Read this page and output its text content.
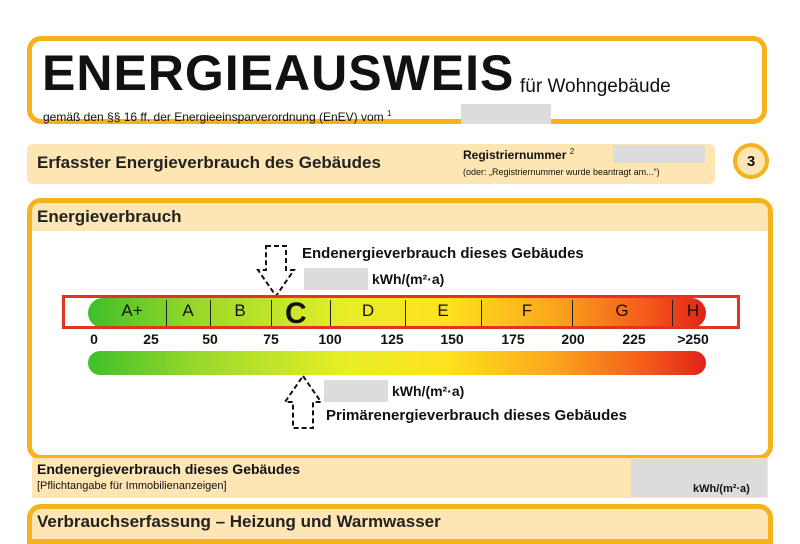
ENERGIEAUSWEIS für Wohngebäude
gemäß den §§ 16 ff. der Energieeinsparverordnung (EnEV) vom $^1$
Erfasster Energieverbrauch des Gebäudes	Registriernummer $^2$
(oder: „Registriernummer wurde beantragt am...“)
3
Energieverbrauch
Endenergieverbrauch dieses Gebäudes
kWh/(m²·a)
A+	A	B	D	E	F	G	H
C
0	25	50	75	100	125	150	175	200	225	>250
kWh/(m²·a)
Primärenergieverbrauch dieses Gebäudes
Endenergieverbrauch dieses Gebäudes
[Pflichtangabe für Immobilienanzeigen]	kWh/(m²·a)
Verbrauchserfassung – Heizung und Warmwasser
